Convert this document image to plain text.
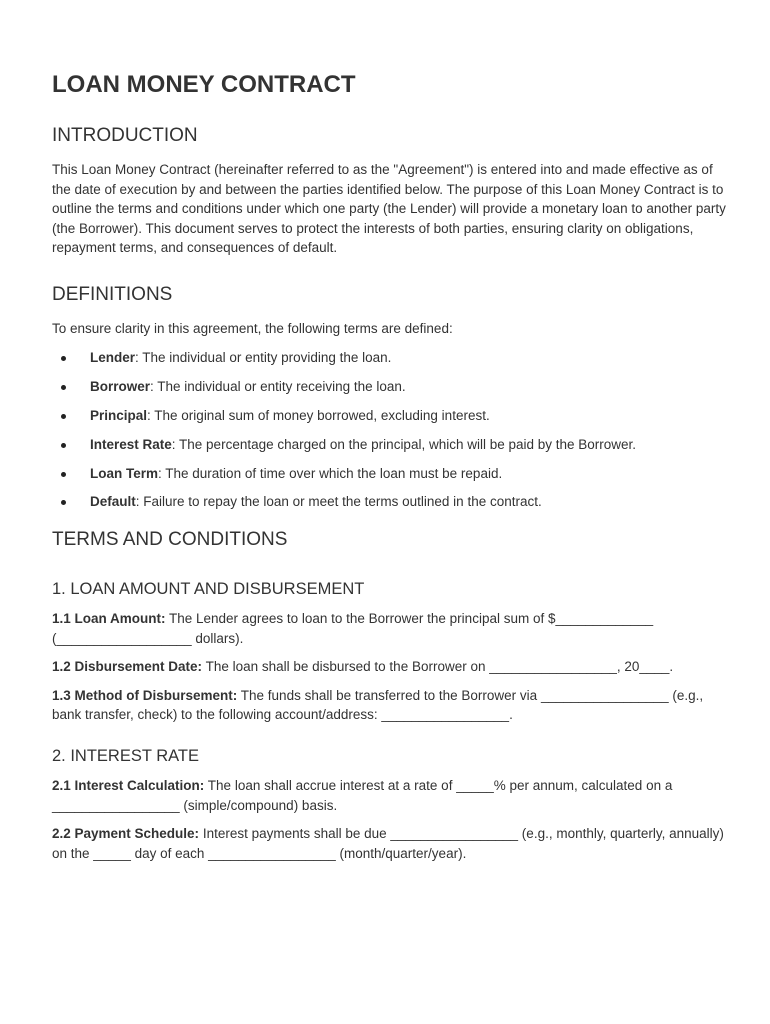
LOAN MONEY CONTRACT
INTRODUCTION

This Loan Money Contract (hereinafter referred to as the "Agreement") is entered into and made effective as of the date of execution by and between the parties identified below. The purpose of this Loan Money Contract is to outline the terms and conditions under which one party (the Lender) will provide a monetary loan to another party (the Borrower). This document serves to protect the interests of both parties, ensuring clarity on obligations, repayment terms, and consequences of default.

DEFINITIONS

To ensure clarity in this agreement, the following terms are defined:

Lender: The individual or entity providing the loan.
Borrower: The individual or entity receiving the loan.
Principal: The original sum of money borrowed, excluding interest.
Interest Rate: The percentage charged on the principal, which will be paid by the Borrower.
Loan Term: The duration of time over which the loan must be repaid.
Default: Failure to repay the loan or meet the terms outlined in the contract.
TERMS AND CONDITIONS
1. LOAN AMOUNT AND DISBURSEMENT

1.1 Loan Amount: The Lender agrees to loan to the Borrower the principal sum of $_____________ (__________________ dollars).

1.2 Disbursement Date: The loan shall be disbursed to the Borrower on _________________, 20____.

1.3 Method of Disbursement: The funds shall be transferred to the Borrower via _________________ (e.g., bank transfer, check) to the following account/address: _________________.

2. INTEREST RATE

2.1 Interest Calculation: The loan shall accrue interest at a rate of _____% per annum, calculated on a _________________ (simple/compound) basis.

2.2 Payment Schedule: Interest payments shall be due _________________ (e.g., monthly, quarterly, annually) on the _____ day of each _________________ (month/quarter/year).
